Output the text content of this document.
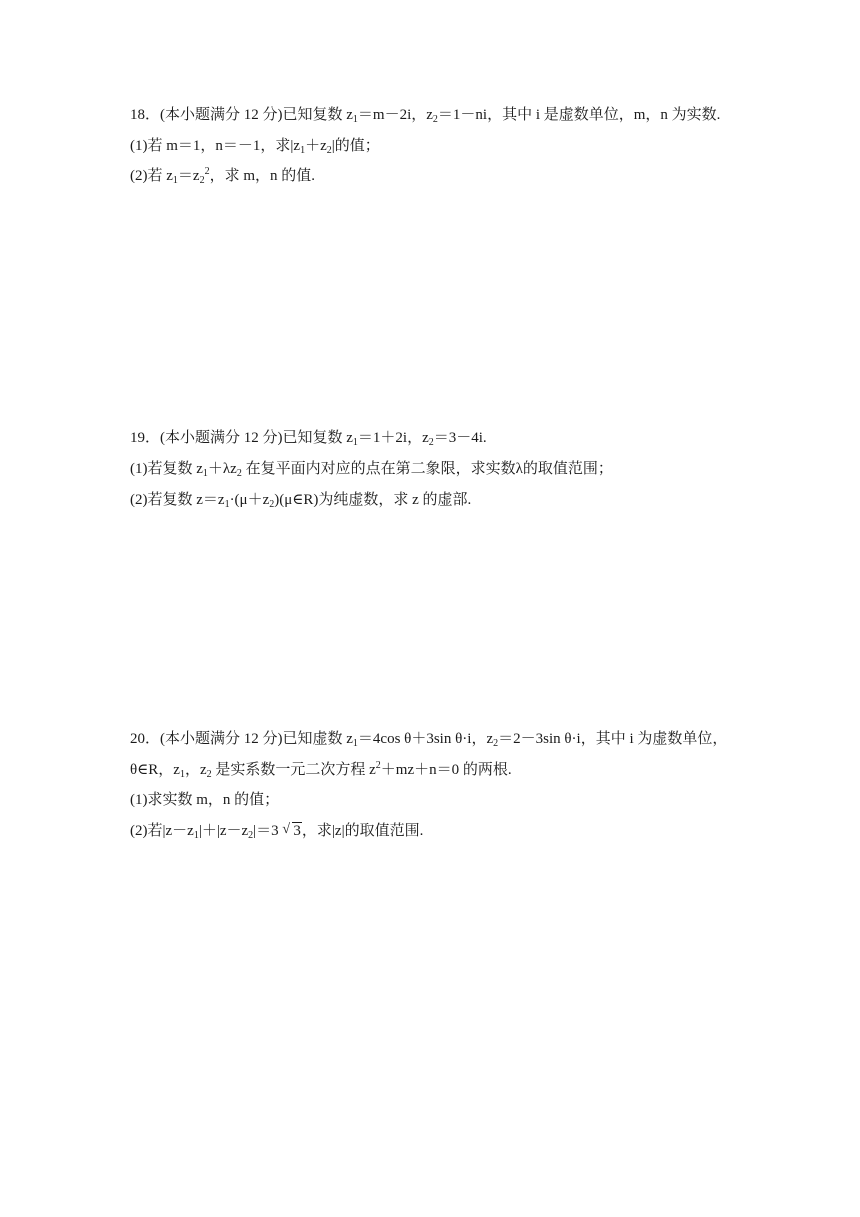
18．(本小题满分 12 分)已知复数 $z_1=m-2i$，$z_2=1-ni$，其中 i 是虚数单位，m，n 为实数.
(1)若 m＝1，n＝－1，求$|z_1+z_2|$的值；
(2)若 $z_1=z_2^2$，求 m，n 的值.
19．(本小题满分 12 分)已知复数 $z_1=1+2i$，$z_2=3-4i$.
(1)若复数 $z_1+\lambda z_2$ 在复平面内对应的点在第二象限，求实数λ的取值范围；
(2)若复数 $z=z_1\cdot(\mu+z_2)(\mu\in R)$为纯虚数，求 z 的虚部.
20．(本小题满分 12 分)已知虚数 $z_1=4\cos$ θ＋3sin θ·i，$z_2=2-3\sin$ θ·i，其中 i 为虚数单位，
θ∈R，$z_1$，$z_2$ 是实系数一元二次方程 $z^2+mz+n=0$ 的两根.
(1)求实数 m，n 的值；
(2)若$|z-z_1|+|z-z_2|=3$ √ 3，求|z|的取值范围.
